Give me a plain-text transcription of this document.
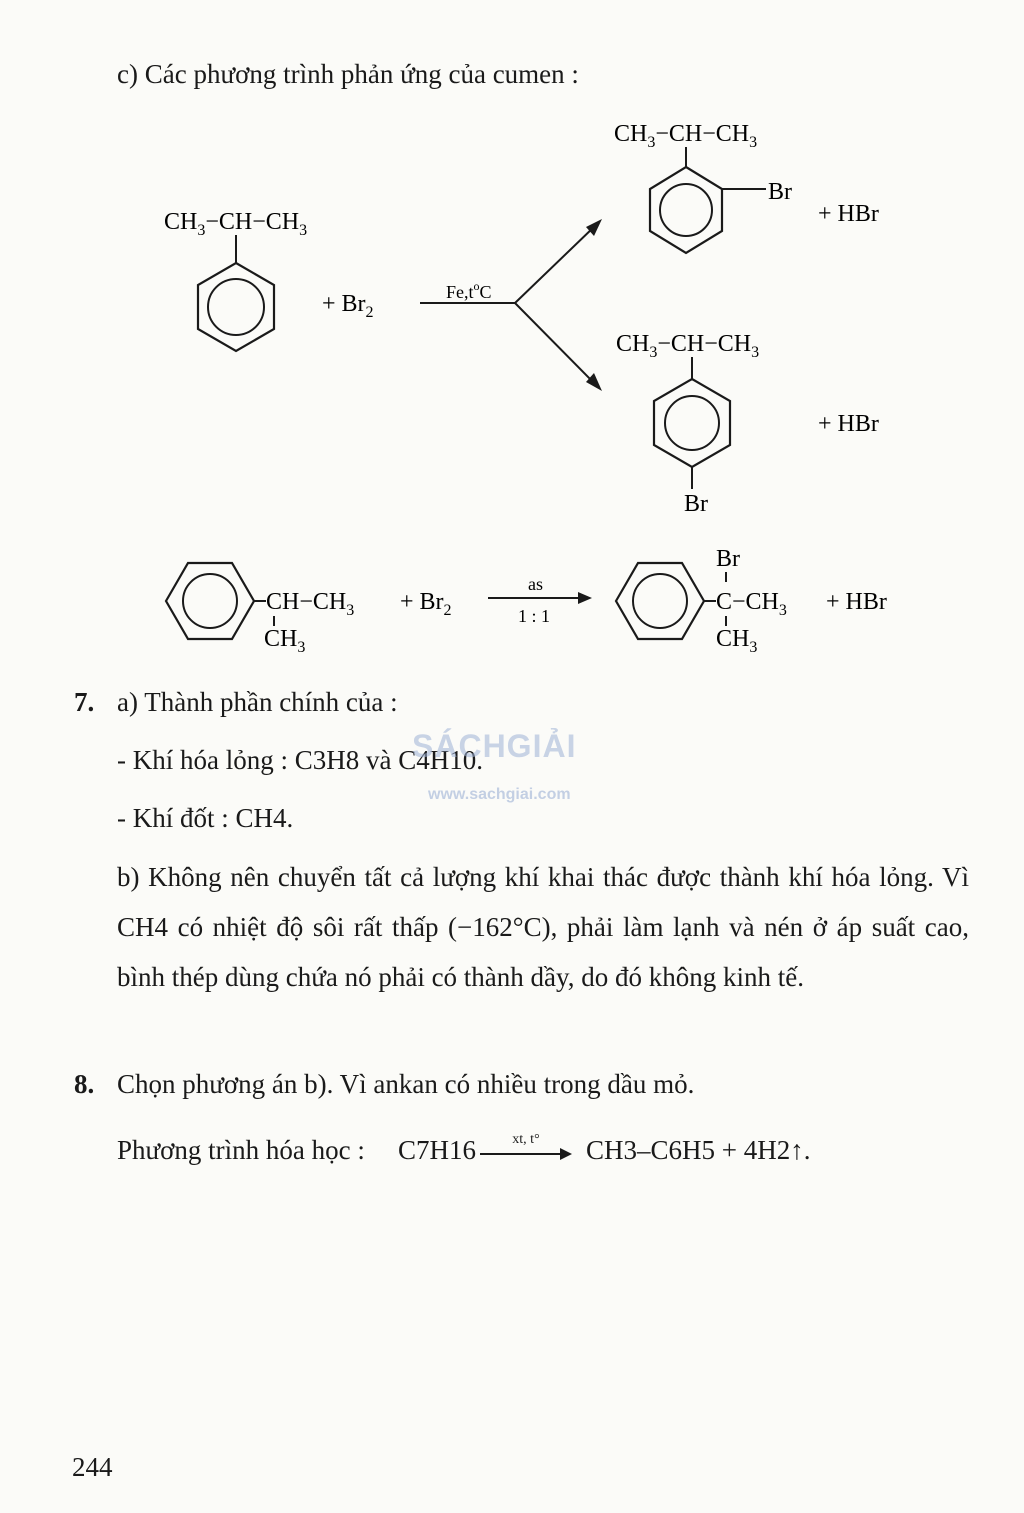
c) Các phương trình phản ứng của cumen :
$CH_3-CH-CH_3$
+ $Br_2$
$Fe,t^oC$
$CH_3-CH-CH_3$
Br
+ HBr
$CH_3-CH-CH_3$
Br
+ HBr
$CH-CH_3$
$CH_3$
+ $Br_2$
as
1 : 1
Br
$C-CH_3$
$CH_3$
+ HBr
7. a) Thành phần chính của :
- Khí hóa lỏng : C3H8 và C4H10.
- Khí đốt : CH4.
b) Không nên chuyển tất cả lượng khí khai thác được thành khí hóa lỏng. Vì CH4 có nhiệt độ sôi rất thấp (−162°C), phải làm lạnh và nén ở áp suất cao, bình thép dùng chứa nó phải có thành dầy, do đó không kinh tế.
8. Chọn phương án b). Vì ankan có nhiều trong dầu mỏ.
Phương trình hóa học : C7H16	xt, t°	CH3–C6H5 + 4H2↑.
SÁCHGIẢI
www.sachgiai.com
244
